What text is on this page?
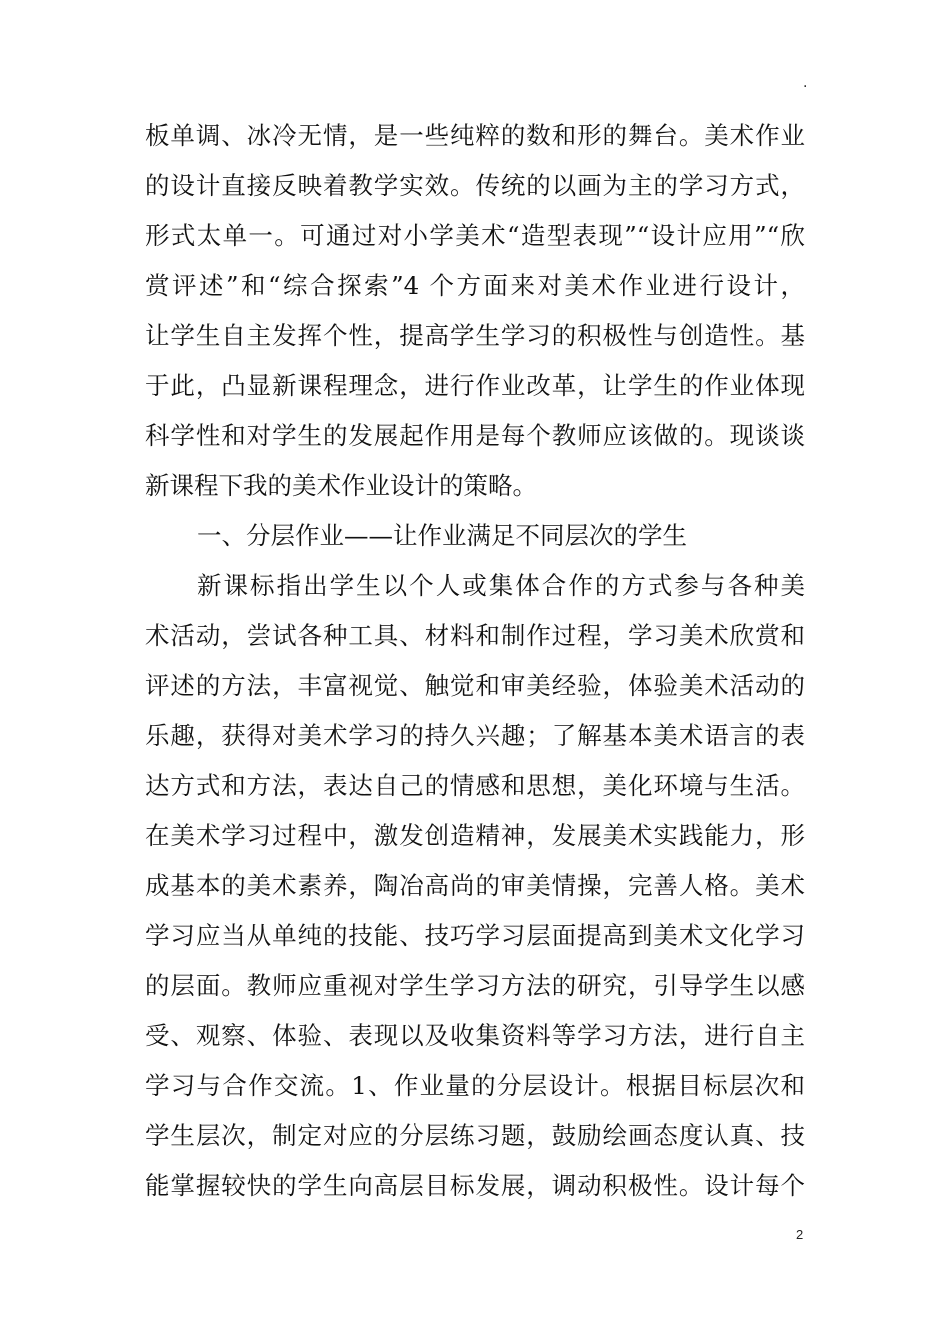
.
板单调、冰冷无情，是一些纯粹的数和形的舞台。美术作业
的设计直接反映着教学实效。传统的以画为主的学习方式，
形式太单一。可通过对小学美术“造型表现”“设计应用”“欣
赏评述”和“综合探索”4 个方面来对美术作业进行设计，
让学生自主发挥个性，提高学生学习的积极性与创造性。基
于此，凸显新课程理念，进行作业改革，让学生的作业体现
科学性和对学生的发展起作用是每个教师应该做的。现谈谈
新课程下我的美术作业设计的策略。
一、分层作业——让作业满足不同层次的学生
新课标指出学生以个人或集体合作的方式参与各种美
术活动，尝试各种工具、材料和制作过程，学习美术欣赏和
评述的方法，丰富视觉、触觉和审美经验，体验美术活动的
乐趣，获得对美术学习的持久兴趣；了解基本美术语言的表
达方式和方法，表达自己的情感和思想，美化环境与生活。
在美术学习过程中，激发创造精神，发展美术实践能力，形
成基本的美术素养，陶冶高尚的审美情操，完善人格。美术
学习应当从单纯的技能、技巧学习层面提高到美术文化学习
的层面。教师应重视对学生学习方法的研究，引导学生以感
受、观察、体验、表现以及收集资料等学习方法，进行自主
学习与合作交流。1、作业量的分层设计。根据目标层次和
学生层次，制定对应的分层练习题，鼓励绘画态度认真、技
能掌握较快的学生向高层目标发展，调动积极性。设计每个
2
